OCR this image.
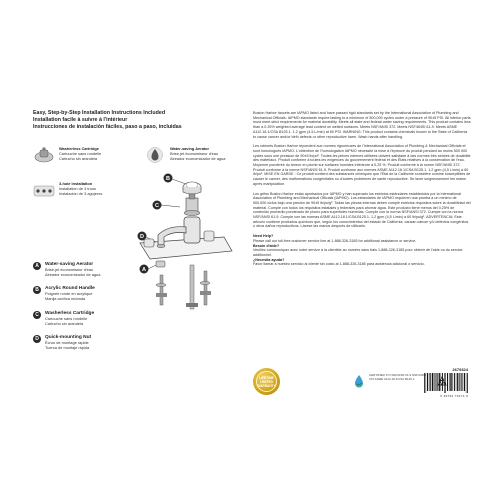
Easy, Step-by-Step Installation Instructions Included

Installation facile à suivre à l'intérieur

Instrucciones de instalación fáciles, paso a paso, incluidas

Washerless Cartridge
Cartouche sans rondelle
Cartucho sin arandela
Water-saving Aerator
Brise-jet économiseur d'eau
Aireador economizador de agua
3-hole Installation
Installation de 3 trous
Instalación de 3 agujeros
A	Water-saving Aerator
Brise-jet économiseur d'eau
Aireador economizador de agua
B	Acrylic Round Handle
Poignée ronde en acrylique
Manija acrílica redonda
C	Washerless Cartridge
Cartouche sans rondelle
Cartucho sin arandela
D	Quick-mounting Nut
Écrou de montage rapide
Tuerca de montaje rápida
B
C
D
A

Boston Harbor faucets are IAPMO listed and have passed rigid standards set by the International Association of Plumbing and Mechanical Officials. IAPMO standards require lasting to a minimum of 500,000 cycles under a pressure of 90±5 PSI. All interior parts must meet strict requirements for material durability. Meets all state and federal water saving requirements. This product contains less than a 0.25% weighted average lead content on wetted surfaces. Meets NSF/ANSI 372. Meets NSF/ANSI 61-9. Meets ASME A112.18.1/CSA B125.1. 1.2 gpm (4.5 L/min) at 60 PSI. WARNING: This product contains chemicals known to the State of California to cause cancer and/or birth defects or other reproductive harm. Wash hands after handling.

Les robinets Boston Harbor répondent aux normes rigoureuses de l'International Association of Plumbing & Mechanical Officials et sont homologués IAPMO. L'obtention de l'homologation IAPMO nécessite la mise à l'épreuve du produit pendant au moins 500 000 cycles sous une pression de 90±5 lb/po². Toutes les pièces internes utilisées doivent satisfaire à des normes très strictes de durabilité des matériaux. Produit conforme à toutes les exigences du gouvernement fédéral et des États relatives à la conservation de l'eau. Moyenne pondérée du teneur en plomb sur surfaces humides inférieure à 0,25 %. Produit conforme à la norme NSF/ANSI 372. Produit conforme à la norme NSF/ANSI 61-9. Produit conforme aux normes ASME A112.18.1/CSA B125.1. 1,2 gpm (4,5 L/min) à 60 lb/po². MISE EN GARDE : Ce produit contient des substances chimiques que l'État de la Californie considère comme susceptibles de causer le cancer, des malformations congénitales ou d'autres problèmes de santé reproductive. Se laver soigneusement les mains après manipulation.

Los grifos Boston Harbor están aprobados por IAPMO y han superado los estrictos estándares establecidos por la International Association of Plumbing and Mechanical Officials (IAPMO). Los estándares de IAPMO requieren una prueba a un mínimo de 500.000 ciclos bajo una presión de 90±5 lb/pulg². Todas las piezas internas deben cumplir estrictos requisitos sobre la durabilidad del material. Cumple con todos los requisitos estatales y federales para ahorrar agua. Este producto tiene menos del 0,25% de contenido promedio ponderado de plomo para superficies húmedas. Cumple con la norma NSF/ANSI 372. Cumple con la norma NSF/ANSI 61-9. Cumple con las normas ASME A112.18.1/CSA B125.1. 1,2 gpm (4,5 L/min) a 60 lb/pulg². ADVERTENCIA: Este artículo contiene productos químicos que, según los conocimientos del estado de California, causan cáncer y/o defectos congénitos u otros daños reproductivos. Lávese las manos después de utilizarlo.

Need Help?
Please call our toll-free customer service line at 1-888-326-3185 for additional assistance or service.
Besoin d'aide?
Veuillez communiquer avec notre service à la clientèle au numéro sans frais 1-888-326-3185 pour obtenir de l'aide ou du service additionnel.
¿Necesita ayuda?
Favor llamar a nuestro servicio al cliente sin costo al 1-888-326-3185 para asistencia adicional o servicio.
LIFETIME LIMITED WARRANTY
CERTIFIED TO NSF/ANSI 61-9 NSF/ANSI 372 ASME A112.18.1/CSA B125.1
2679324
0 49793 79174 0
